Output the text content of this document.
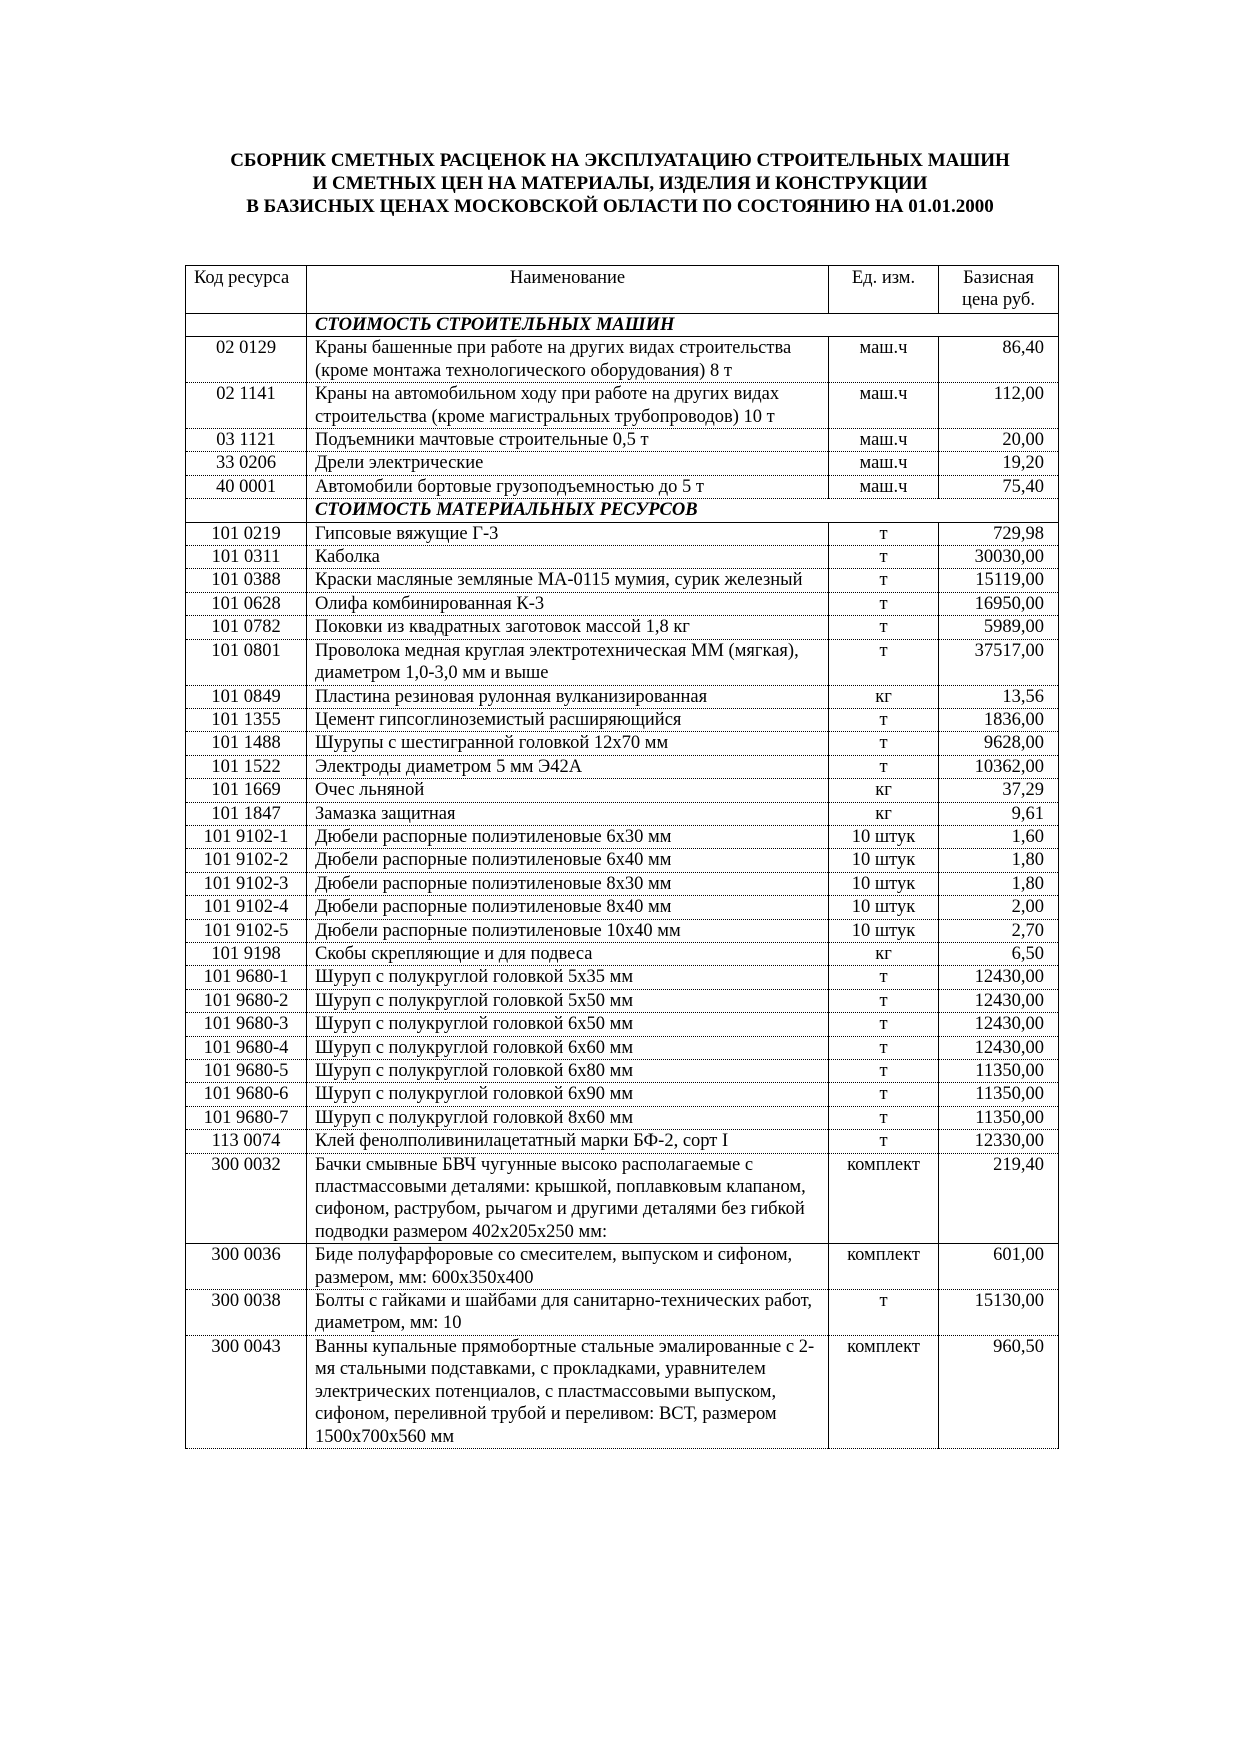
СБОРНИК СМЕТНЫХ РАСЦЕНОК НА ЭКСПЛУАТАЦИЮ СТРОИТЕЛЬНЫХ МАШИН
И СМЕТНЫХ ЦЕН НА МАТЕРИАЛЫ, ИЗДЕЛИЯ И КОНСТРУКЦИИ
В БАЗИСНЫХ ЦЕНАХ МОСКОВСКОЙ ОБЛАСТИ ПО СОСТОЯНИЮ НА 01.01.2000
Код ресурса	Наименование	Ед. изм.	Базисная цена руб.
	СТОИМОСТЬ СТРОИТЕЛЬНЫХ МАШИН		
02 0129	Краны башенные при работе на других видах строительства (кроме монтажа технологического оборудования) 8 т	маш.ч	86,40
02 1141	Краны на автомобильном ходу при работе на других видах строительства (кроме магистральных трубопроводов) 10 т	маш.ч	112,00
03 1121	Подъемники мачтовые строительные 0,5 т	маш.ч	20,00
33 0206	Дрели электрические	маш.ч	19,20
40 0001	Автомобили бортовые грузоподъемностью до 5 т	маш.ч	75,40
	СТОИМОСТЬ МАТЕРИАЛЬНЫХ РЕСУРСОВ		
101 0219	Гипсовые вяжущие Г-3	т	729,98
101 0311	Каболка	т	30030,00
101 0388	Краски масляные земляные МА-0115 мумия, сурик железный	т	15119,00
101 0628	Олифа комбинированная К-3	т	16950,00
101 0782	Поковки из квадратных заготовок массой 1,8 кг	т	5989,00
101 0801	Проволока медная круглая электротехническая ММ (мягкая), диаметром 1,0-3,0 мм и выше	т	37517,00
101 0849	Пластина резиновая рулонная вулканизированная	кг	13,56
101 1355	Цемент гипсоглиноземистый расширяющийся	т	1836,00
101 1488	Шурупы с шестигранной головкой 12х70 мм	т	9628,00
101 1522	Электроды диаметром 5 мм Э42А	т	10362,00
101 1669	Очес льняной	кг	37,29
101 1847	Замазка защитная	кг	9,61
101 9102-1	Дюбели распорные полиэтиленовые 6х30 мм	10 штук	1,60
101 9102-2	Дюбели распорные полиэтиленовые 6х40 мм	10 штук	1,80
101 9102-3	Дюбели распорные полиэтиленовые 8х30 мм	10 штук	1,80
101 9102-4	Дюбели распорные полиэтиленовые 8х40 мм	10 штук	2,00
101 9102-5	Дюбели распорные полиэтиленовые 10х40 мм	10 штук	2,70
101 9198	Скобы скрепляющие и для подвеса	кг	6,50
101 9680-1	Шуруп с полукруглой головкой 5х35 мм	т	12430,00
101 9680-2	Шуруп с полукруглой головкой 5х50 мм	т	12430,00
101 9680-3	Шуруп с полукруглой головкой 6х50 мм	т	12430,00
101 9680-4	Шуруп с полукруглой головкой 6х60 мм	т	12430,00
101 9680-5	Шуруп с полукруглой головкой 6х80 мм	т	11350,00
101 9680-6	Шуруп с полукруглой головкой 6х90 мм	т	11350,00
101 9680-7	Шуруп с полукруглой головкой 8х60 мм	т	11350,00
113 0074	Клей фенолполивинилацетатный марки БФ-2, сорт I	т	12330,00
300 0032	Бачки смывные БВЧ чугунные высоко располагаемые с пластмассовыми деталями: крышкой, поплавковым клапаном, сифоном, раструбом, рычагом и другими деталями без гибкой подводки размером 402х205х250 мм:	комплект	219,40
300 0036	Биде полуфарфоровые со смесителем, выпуском и сифоном, размером, мм: 600х350х400	комплект	601,00
300 0038	Болты с гайками и шайбами для санитарно-технических работ, диаметром, мм: 10	т	15130,00
300 0043	Ванны купальные прямобортные стальные эмалированные с 2-мя стальными подставками, с прокладками, уравнителем электрических потенциалов, с пластмассовыми выпуском, сифоном, переливной трубой и переливом: ВСТ, размером 1500х700х560 мм	комплект	960,50
